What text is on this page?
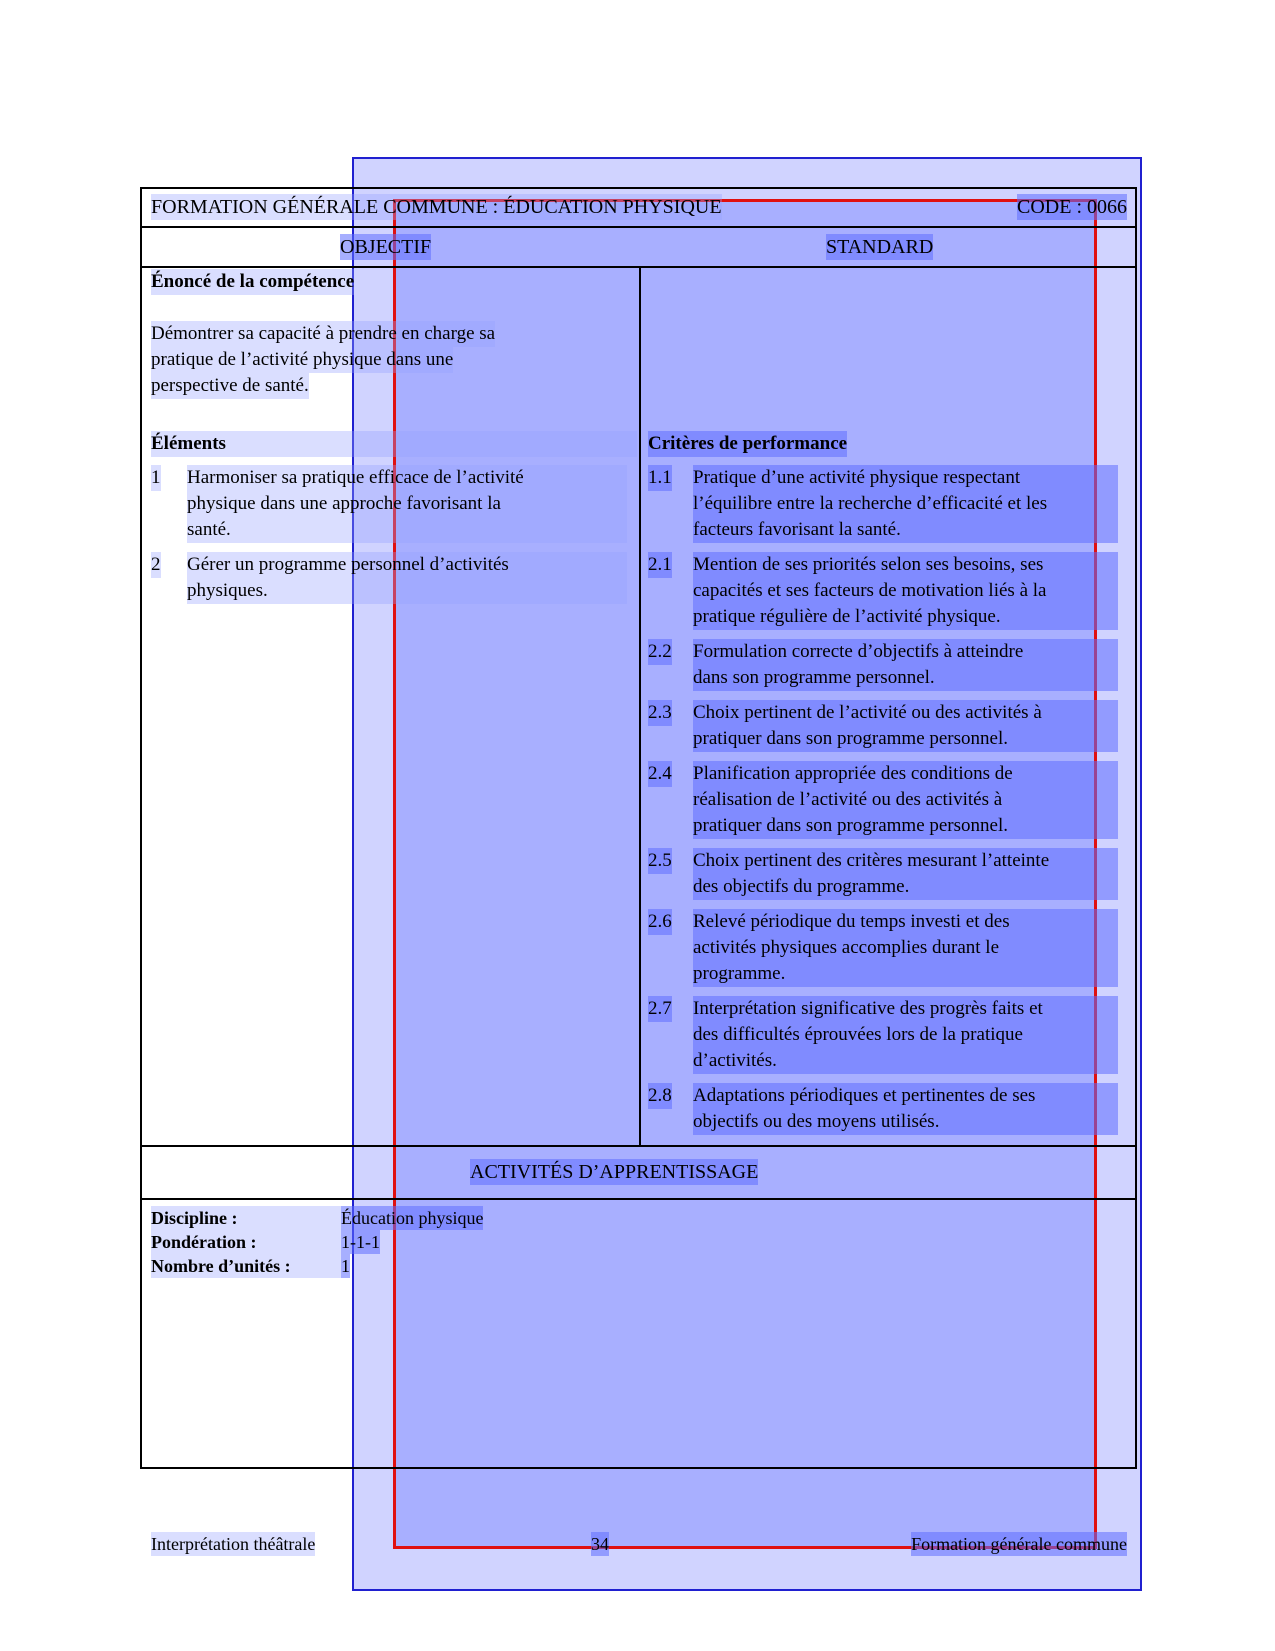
FORMATION GÉNÉRALE COMMUNE : ÉDUCATION PHYSIQUE	CODE : 0066
OBJECTIF	STANDARD
Énoncé de la compétence
Démontrer sa capacité à prendre en charge sa
pratique de l’activité physique dans une
perspective de santé.
Éléments
1 Harmoniser sa pratique efficace de l’activité
physique dans une approche favorisant la
santé.
2 Gérer un programme personnel d’activités
physiques.
Critères de performance
1.1 Pratique d’une activité physique respectant
l’équilibre entre la recherche d’efficacité et les
facteurs favorisant la santé.
2.1 Mention de ses priorités selon ses besoins, ses
capacités et ses facteurs de motivation liés à la
pratique régulière de l’activité physique.
2.2 Formulation correcte d’objectifs à atteindre
dans son programme personnel.
2.3 Choix pertinent de l’activité ou des activités à
pratiquer dans son programme personnel.
2.4 Planification appropriée des conditions de
réalisation de l’activité ou des activités à
pratiquer dans son programme personnel.
2.5 Choix pertinent des critères mesurant l’atteinte
des objectifs du programme.
2.6 Relevé périodique du temps investi et des
activités physiques accomplies durant le
programme.
2.7 Interprétation significative des progrès faits et
des difficultés éprouvées lors de la pratique
d’activités.
2.8 Adaptations périodiques et pertinentes de ses
objectifs ou des moyens utilisés.
ACTIVITÉS D’APPRENTISSAGE
Discipline :	Éducation physique
Pondération :	1-1-1
Nombre d’unités :	1
Interprétation théâtrale	34	Formation générale commune
